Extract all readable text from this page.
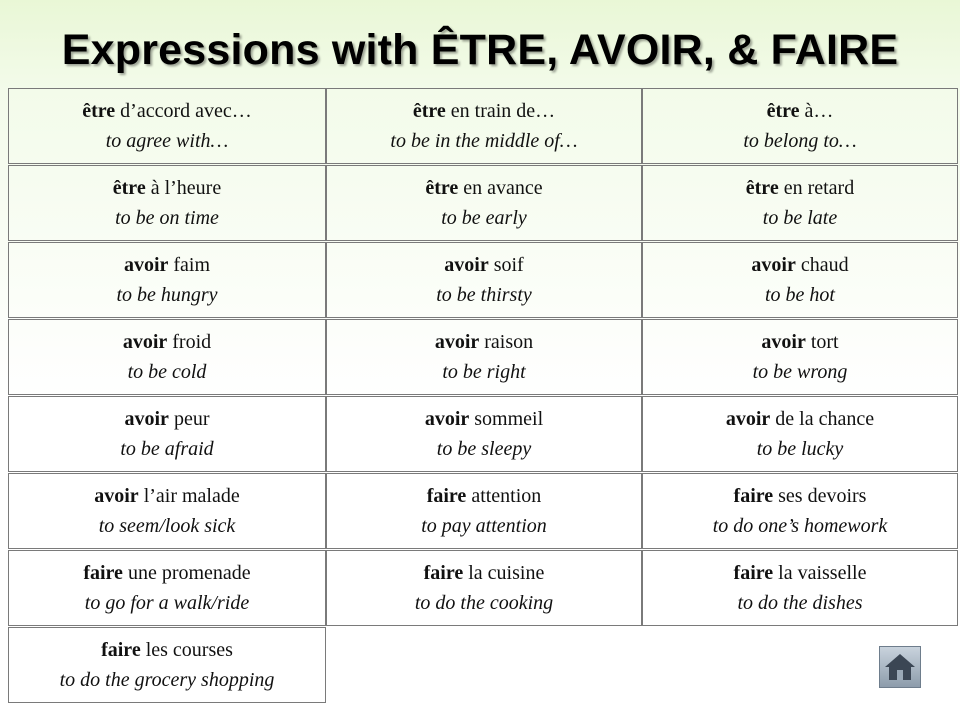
Expressions with ÊTRE, AVOIR, & FAIRE
être d’accord avec…
to agree with…
être en train de…
to be in the middle of…
être à…
to belong to…
être à l’heure
to be on time
être en avance
to be early
être en retard
to be late
avoir faim
to be hungry
avoir soif
to be thirsty
avoir chaud
to be hot
avoir froid
to be cold
avoir raison
to be right
avoir tort
to be wrong
avoir peur
to be afraid
avoir sommeil
to be sleepy
avoir de la chance
to be lucky
avoir l’air malade
to seem/look sick
faire attention
to pay attention
faire ses devoirs
to do one’s homework
faire une promenade
to go for a walk/ride
faire la cuisine
to do the cooking
faire la vaisselle
to do the dishes
faire les courses
to do the grocery shopping
